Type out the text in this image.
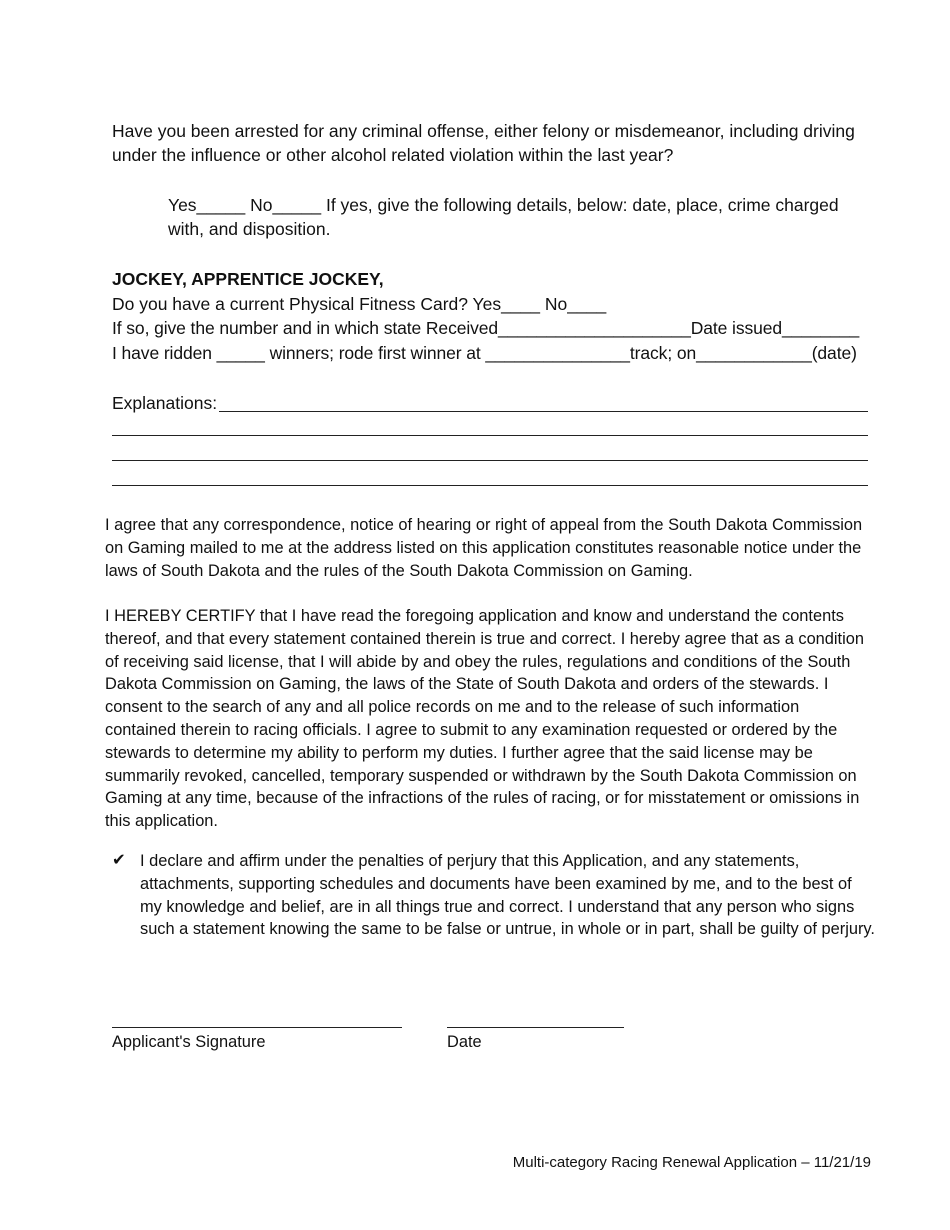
Have you been arrested for any criminal offense, either felony or misdemeanor, including driving under the influence or other alcohol related violation within the last year?
Yes_____ No_____ If yes, give the following details, below: date, place, crime charged with, and disposition.
JOCKEY, APPRENTICE JOCKEY,
Do you have a current Physical Fitness Card? Yes____ No____
If so, give the number and in which state Received____________________Date issued________
I have ridden _____ winners; rode first winner at _______________track; on____________(date)
Explanations:
I agree that any correspondence, notice of hearing or right of appeal from the South Dakota Commission on Gaming mailed to me at the address listed on this application constitutes reasonable notice under the laws of South Dakota and the rules of the South Dakota Commission on Gaming.
I HEREBY CERTIFY that I have read the foregoing application and know and understand the contents thereof, and that every statement contained therein is true and correct. I hereby agree that as a condition of receiving said license, that I will abide by and obey the rules, regulations and conditions of the South Dakota Commission on Gaming, the laws of the State of South Dakota and orders of the stewards. I consent to the search of any and all police records on me and to the release of such information contained therein to racing officials. I agree to submit to any examination requested or ordered by the stewards to determine my ability to perform my duties. I further agree that the said license may be summarily revoked, cancelled, temporary suspended or withdrawn by the South Dakota Commission on Gaming at any time, because of the infractions of the rules of racing, or for misstatement or omissions in this application.
✔ I declare and affirm under the penalties of perjury that this Application, and any statements, attachments, supporting schedules and documents have been examined by me, and to the best of my knowledge and belief, are in all things true and correct. I understand that any person who signs such a statement knowing the same to be false or untrue, in whole or in part, shall be guilty of perjury.
Applicant's Signature	Date
Multi-category Racing Renewal Application – 11/21/19
